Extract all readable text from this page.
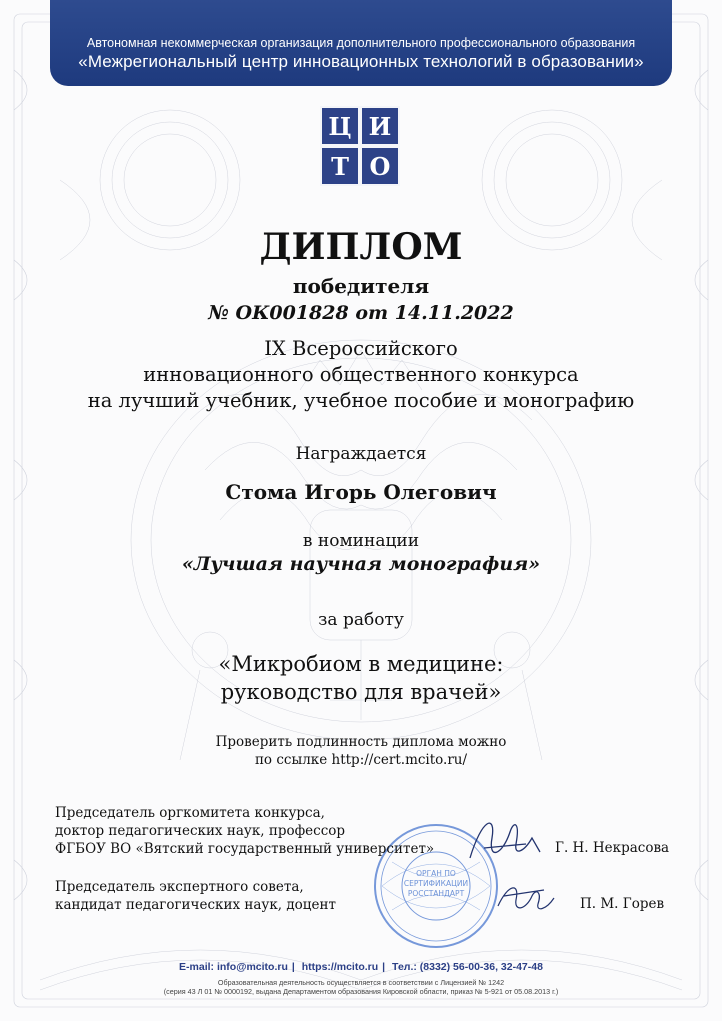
Автономная некоммерческая организация дополнительного профессионального образования
«Межрегиональный центр инновационных технологий в образовании»
Ц И
Т О
ДИПЛОМ
победителя
№ ОК001828 от 14.11.2022
IX Всероссийского
инновационного общественного конкурса
на лучший учебник, учебное пособие и монографию
Награждается
Стома Игорь Олегович
в номинации
«Лучшая научная монография»
за работу
«Микробиом в медицине:
руководство для врачей»
Проверить подлинность диплома можно
по ссылке http://cert.mcito.ru/
ОРГАН ПО
СЕРТИФИКАЦИИ
РОССТАНДАРТ
Председатель оргкомитета конкурса,
доктор педагогических наук, профессор
ФГБОУ ВО «Вятский государственный университет»	Г. Н. Некрасова
Председатель экспертного совета,
кандидат педагогических наук, доцент	П. М. Горев
E-mail: info@mcito.ru | https://mcito.ru | Тел.: (8332) 56-00-36, 32-47-48
Образовательная деятельность осуществляется в соответствии с Лицензией № 1242
(серия 43 Л 01 № 0000192, выдана Департаментом образования Кировской области, приказ № 5-921 от 05.08.2013 г.)
